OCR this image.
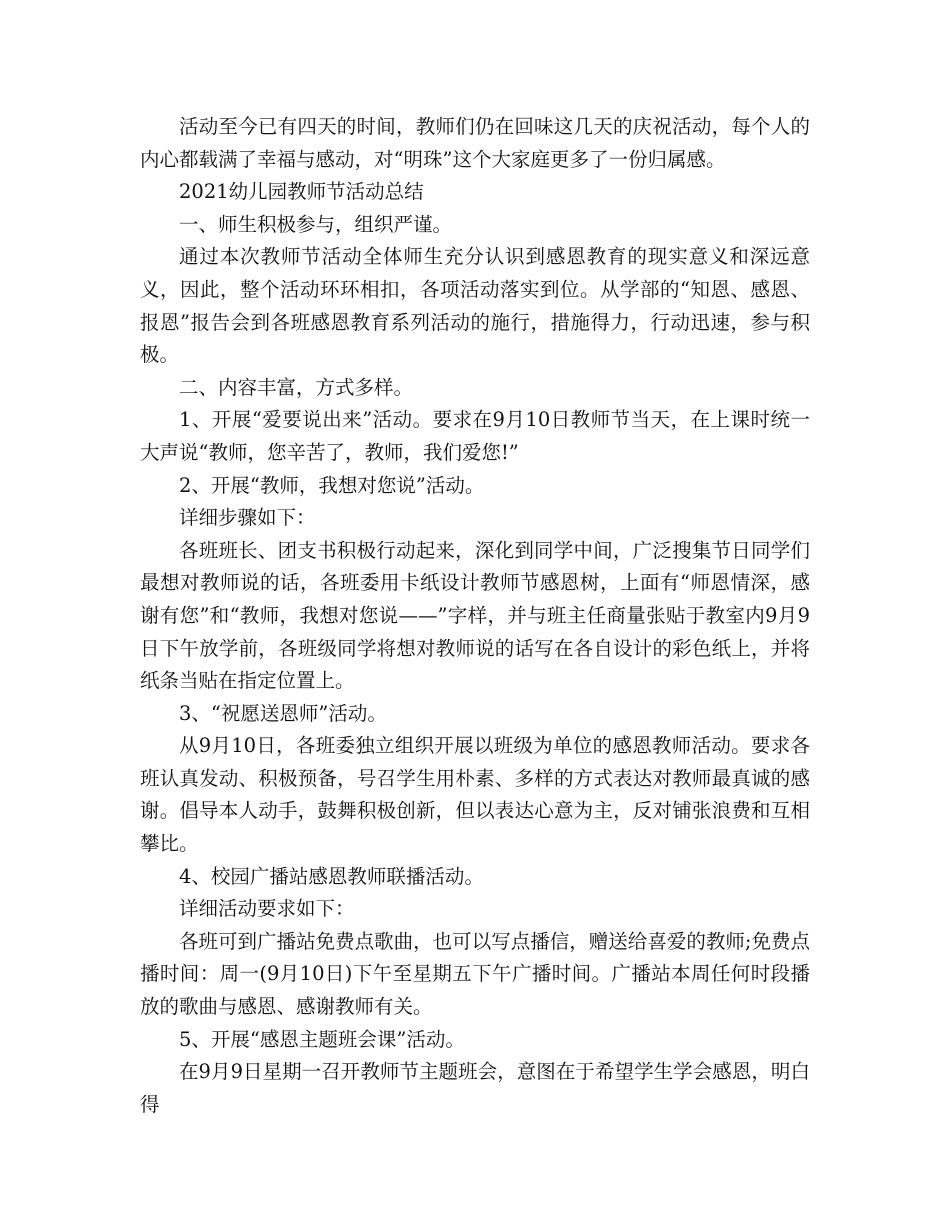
活动至今已有四天的时间，教师们仍在回味这几天的庆祝活动，每个人的内心都载满了幸福与感动，对“明珠”这个大家庭更多了一份归属感。

2021幼儿园教师节活动总结

一、师生积极参与，组织严谨。

通过本次教师节活动全体师生充分认识到感恩教育的现实意义和深远意义，因此，整个活动环环相扣，各项活动落实到位。从学部的“知恩、感恩、报恩”报告会到各班感恩教育系列活动的施行，措施得力，行动迅速，参与积极。

二、内容丰富，方式多样。

1、开展“爱要说出来”活动。要求在9月10日教师节当天，在上课时统一大声说“教师，您辛苦了，教师，我们爱您!”

2、开展“教师，我想对您说”活动。

详细步骤如下：

各班班长、团支书积极行动起来，深化到同学中间，广泛搜集节日同学们最想对教师说的话，各班委用卡纸设计教师节感恩树，上面有“师恩情深，感谢有您”和“教师，我想对您说——”字样，并与班主任商量张贴于教室内9月9日下午放学前，各班级同学将想对教师说的话写在各自设计的彩色纸上，并将纸条当贴在指定位置上。

3、“祝愿送恩师”活动。

从9月10日，各班委独立组织开展以班级为单位的感恩教师活动。要求各班认真发动、积极预备，号召学生用朴素、多样的方式表达对教师最真诚的感谢。倡导本人动手，鼓舞积极创新，但以表达心意为主，反对铺张浪费和互相攀比。

4、校园广播站感恩教师联播活动。

详细活动要求如下：

各班可到广播站免费点歌曲，也可以写点播信，赠送给喜爱的教师;免费点播时间：周一(9月10日)下午至星期五下午广播时间。广播站本周任何时段播放的歌曲与感恩、感谢教师有关。

5、开展“感恩主题班会课”活动。

在9月9日星期一召开教师节主题班会，意图在于希望学生学会感恩，明白得
